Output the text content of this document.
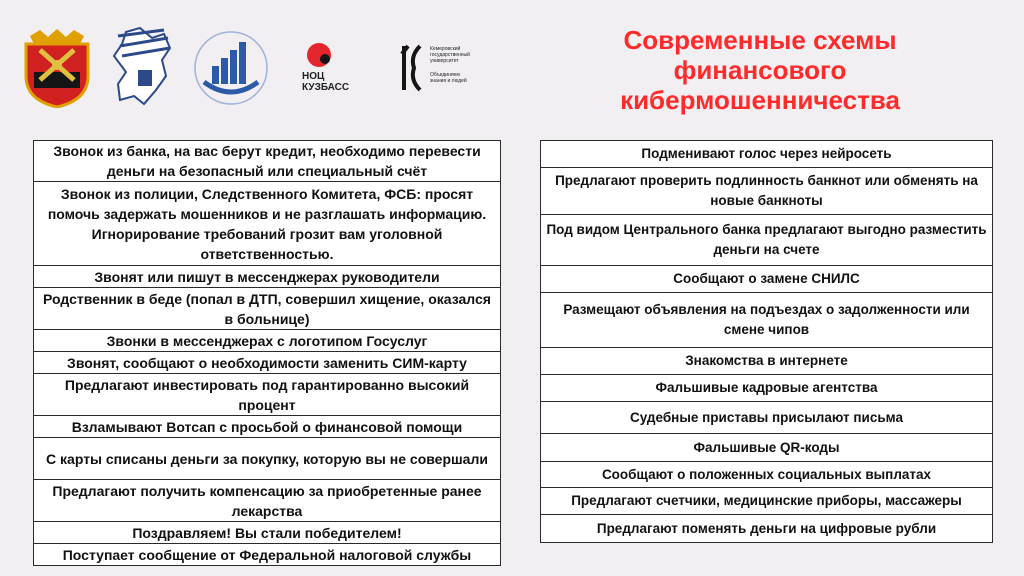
НОЦ
КУЗБАСС
Кемеровский
государственный
университет
Объединяем
знания и людей
Современные схемы финансового кибермошенничества
Звонок из банка, на вас берут кредит, необходимо перевести деньги на безопасный или специальный счёт
Звонок из полиции, Следственного Комитета, ФСБ: просят помочь задержать мошенников и не разглашать информацию. Игнорирование требований грозит вам уголовной ответственностью.
Звонят или пишут в мессенджерах руководители
Родственник в беде (попал в ДТП, совершил хищение, оказался в больнице)
Звонки в мессенджерах с логотипом Госуслуг
Звонят, сообщают о необходимости заменить СИМ-карту
Предлагают инвестировать под гарантированно высокий процент
Взламывают Вотсап с просьбой о финансовой помощи
С карты списаны деньги за покупку, которую вы не совершали
Предлагают получить компенсацию за приобретенные ранее лекарства
Поздравляем! Вы стали победителем!
Поступает сообщение от Федеральной налоговой службы
Подменивают голос через нейросеть
Предлагают проверить подлинность банкнот или обменять на новые банкноты
Под видом Центрального банка предлагают выгодно разместить деньги на счете
Сообщают о замене СНИЛС
Размещают объявления на подъездах о задолженности или смене чипов
Знакомства в интернете
Фальшивые кадровые агентства
Судебные приставы присылают письма
Фальшивые QR-коды
Сообщают о положенных социальных выплатах
Предлагают счетчики, медицинские приборы, массажеры
Предлагают поменять деньги на цифровые рубли
